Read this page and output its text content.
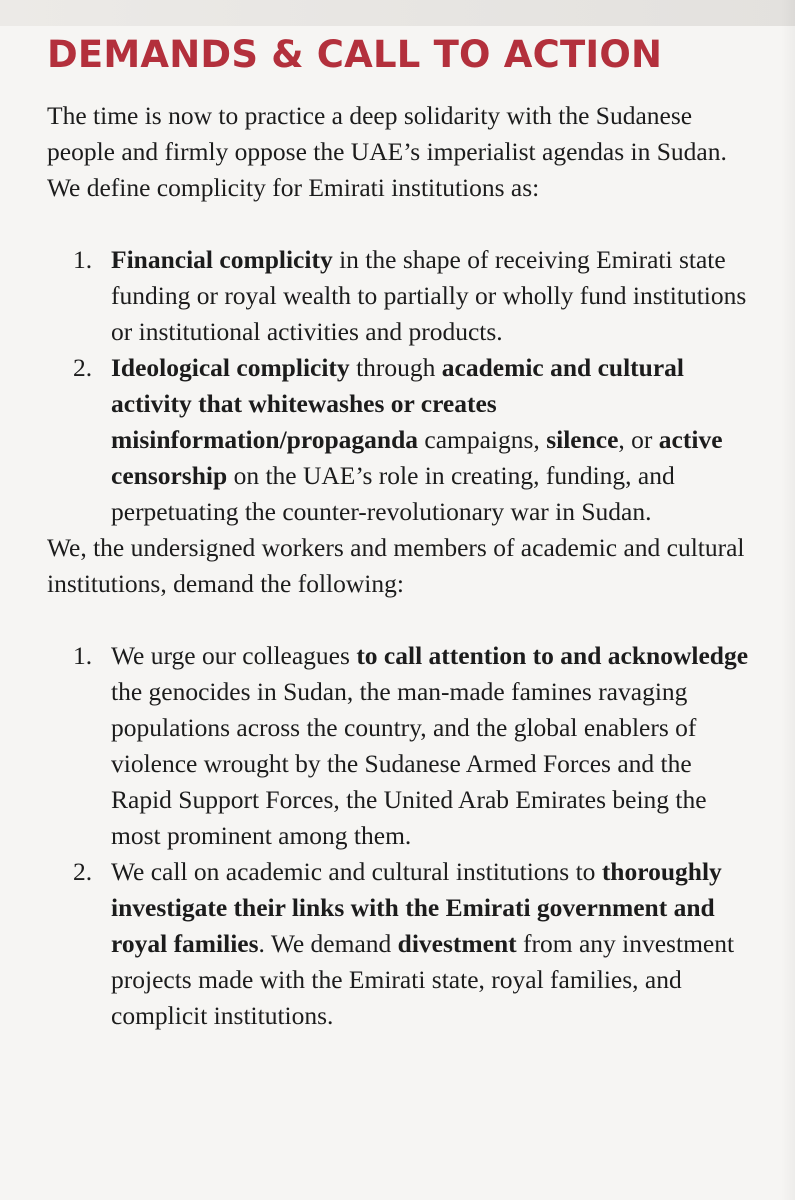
DEMANDS & CALL TO ACTION

The time is now to practice a deep solidarity with the Sudanese people and firmly oppose the UAE’s imperialist agendas in Sudan. We define complicity for Emirati institutions as:

Financial complicity in the shape of receiving Emirati state funding or royal wealth to partially or wholly fund institutions or institutional activities and products.
Ideological complicity through academic and cultural activity that whitewashes or creates misinformation/propaganda campaigns, silence, or active censorship on the UAE’s role in creating, funding, and perpetuating the counter-revolutionary war in Sudan.

We, the undersigned workers and members of academic and cultural institutions, demand the following:

We urge our colleagues to call attention to and acknowledge the genocides in Sudan, the man-made famines ravaging populations across the country, and the global enablers of violence wrought by the Sudanese Armed Forces and the Rapid Support Forces, the United Arab Emirates being the most prominent among them.
We call on academic and cultural institutions to thoroughly investigate their links with the Emirati government and royal families. We demand divestment from any investment projects made with the Emirati state, royal families, and complicit institutions.
